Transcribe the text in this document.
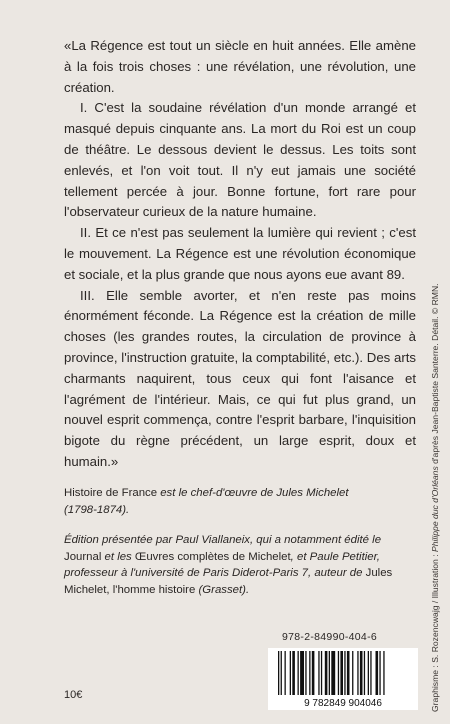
«La Régence est tout un siècle en huit années. Elle amène à la fois trois choses : une révélation, une révolution, une création.

I. C'est la soudaine révélation d'un monde arrangé et masqué depuis cinquante ans. La mort du Roi est un coup de théâtre. Le dessous devient le dessus. Les toits sont enlevés, et l'on voit tout. Il n'y eut jamais une société tellement percée à jour. Bonne fortune, fort rare pour l'observateur curieux de la nature humaine.

II. Et ce n'est pas seulement la lumière qui revient ; c'est le mouvement. La Régence est une révolution économique et sociale, et la plus grande que nous ayons eue avant 89.

III. Elle semble avorter, et n'en reste pas moins énormément féconde. La Régence est la création de mille choses (les grandes routes, la circulation de province à province, l'instruction gratuite, la comptabilité, etc.). Des arts charmants naquirent, tous ceux qui font l'aisance et l'agrément de l'intérieur. Mais, ce qui fut plus grand, un nouvel esprit commença, contre l'esprit barbare, l'inquisition bigote du règne précédent, un large esprit, doux et humain.»

Histoire de France est le chef-d'œuvre de Jules Michelet
(1798-1874).
Édition présentée par Paul Viallaneix, qui a notamment édité le Journal et les Œuvres complètes de Michelet, et Paule Petitier, professeur à l'université de Paris Diderot-Paris 7, auteur de Jules Michelet, l'homme histoire (Grasset).
978-2-84990-404-6
9 782849 904046
10€	Graphisme : S. Rozencwajg / Illustration : Philippe duc d'Orléans d'après Jean-Baptiste Santerre. Détail. © RMN.
